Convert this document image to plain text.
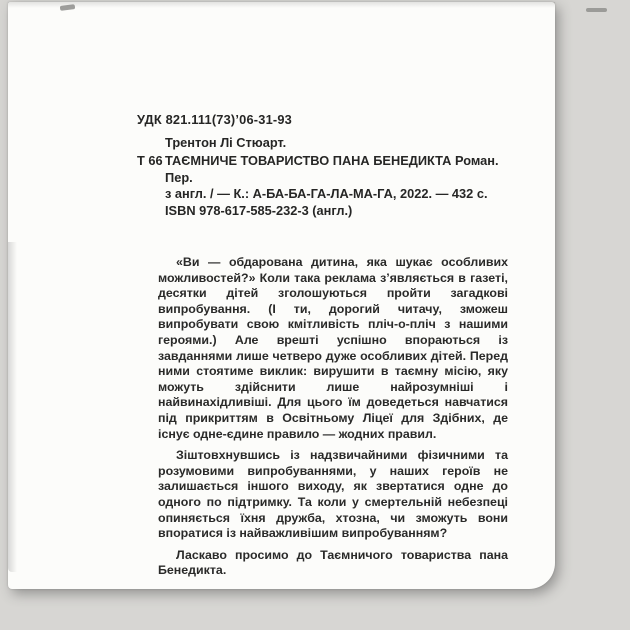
УДК 821.111(73)’06-31-93
Трентон Лі Стюарт.
Т 66 ТАЄМНИЧЕ ТОВАРИСТВО ПАНА БЕНЕДИКТА Роман. Пер.
з англ. / — К.: А-БА-БА-ГА-ЛА-МА-ГА, 2022. — 432 с.
ISBN 978-617-585-232-3 (англ.)

«Ви — обдарована дитина, яка шукає особливих можливостей?» Коли така реклама з’являється в газеті, десятки дітей зголошуються пройти загадкові випробування. (І ти, дорогий читачу, зможеш випробувати свою кмітливість пліч-о-пліч з нашими героями.) Але врешті успішно впораються із завданнями лише четверо дуже особливих дітей. Перед ними стоятиме виклик: вирушити в таємну місію, яку можуть здійснити лише найрозумніші і найвинахідливіші. Для цього їм доведеться навчатися під прикриттям в Освітньому Ліцеї для Здібних, де існує одне-єдине правило — жодних правил.

Зіштовхнувшись із надзвичайними фізичними та розумовими випробуваннями, у наших героїв не залишається іншого виходу, як звертатися одне до одного по підтримку. Та коли у смертельній небезпеці опиняється їхня дружба, хтозна, чи зможуть вони впоратися із найважливішим випробуванням?

Ласкаво просимо до Таємничого товариства пана Бенедикта.
